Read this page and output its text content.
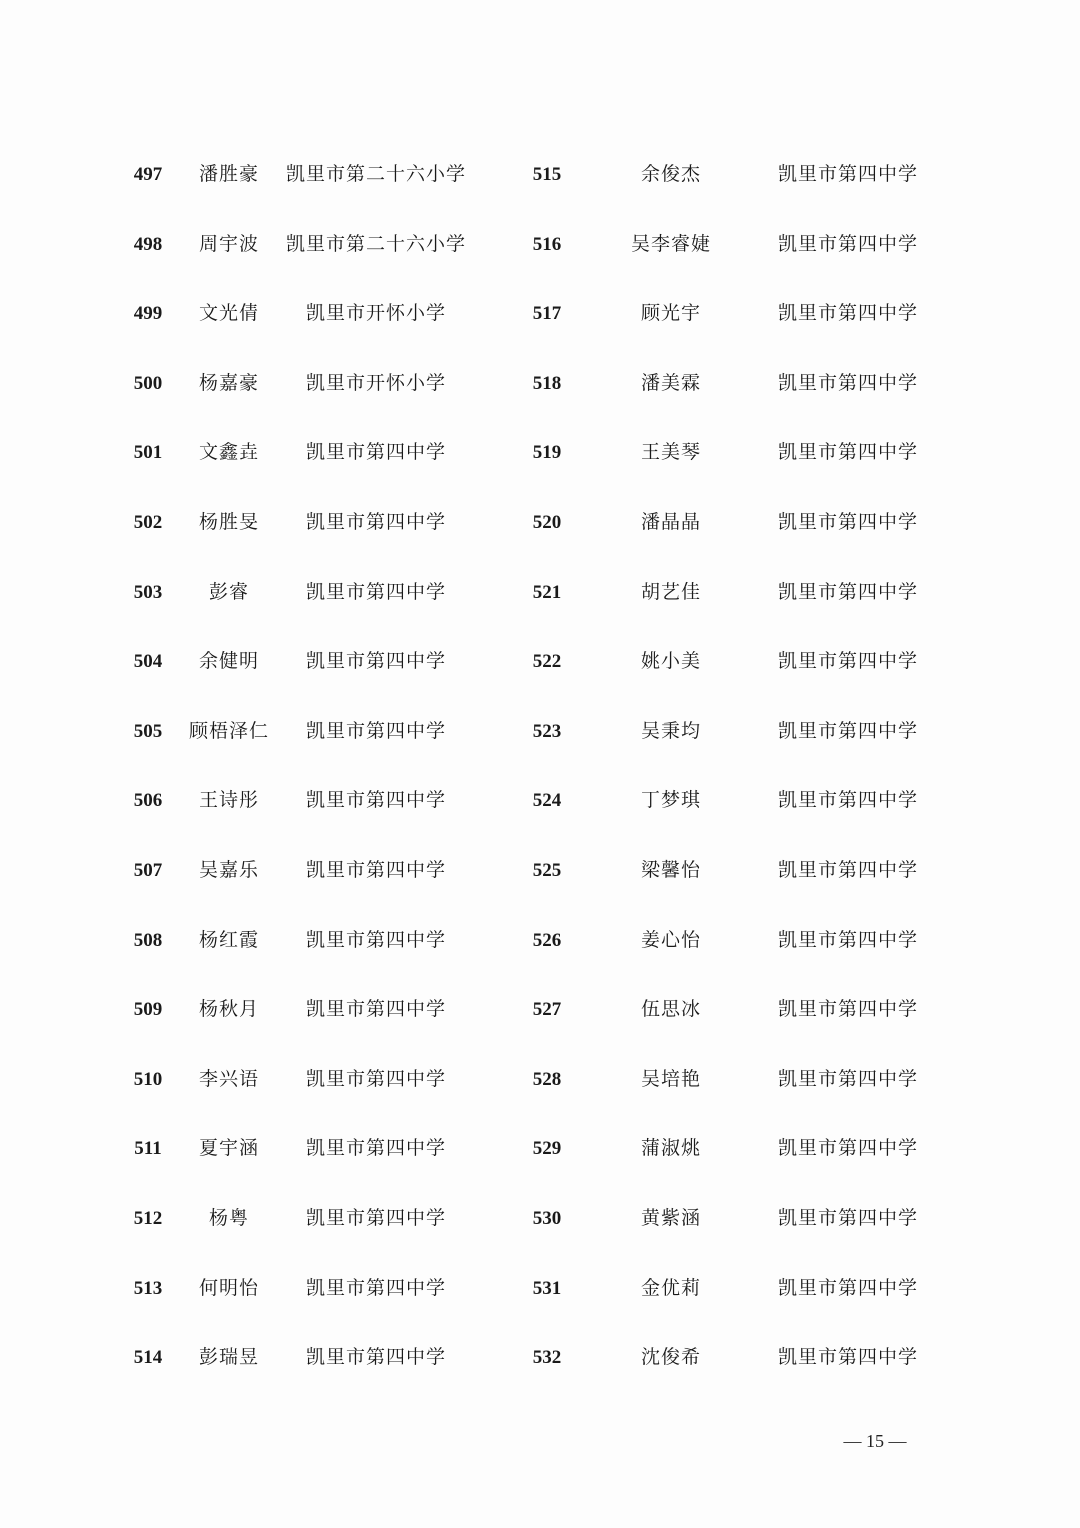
497	潘胜豪	凯里市第二十六小学	515	余俊杰	凯里市第四中学
498	周宇波	凯里市第二十六小学	516	吴李睿婕	凯里市第四中学
499	文光倩	凯里市开怀小学	517	顾光宇	凯里市第四中学
500	杨嘉豪	凯里市开怀小学	518	潘美霖	凯里市第四中学
501	文鑫垚	凯里市第四中学	519	王美琴	凯里市第四中学
502	杨胜旻	凯里市第四中学	520	潘晶晶	凯里市第四中学
503	彭睿	凯里市第四中学	521	胡艺佳	凯里市第四中学
504	余健明	凯里市第四中学	522	姚小美	凯里市第四中学
505	顾梧泽仁	凯里市第四中学	523	吴秉均	凯里市第四中学
506	王诗彤	凯里市第四中学	524	丁梦琪	凯里市第四中学
507	吴嘉乐	凯里市第四中学	525	梁馨怡	凯里市第四中学
508	杨红霞	凯里市第四中学	526	姜心怡	凯里市第四中学
509	杨秋月	凯里市第四中学	527	伍思冰	凯里市第四中学
510	李兴语	凯里市第四中学	528	吴培艳	凯里市第四中学
511	夏宇涵	凯里市第四中学	529	蒲淑烑	凯里市第四中学
512	杨粤	凯里市第四中学	530	黄紫涵	凯里市第四中学
513	何明怡	凯里市第四中学	531	金优莉	凯里市第四中学
514	彭瑞昱	凯里市第四中学	532	沈俊希	凯里市第四中学
— 15 —
